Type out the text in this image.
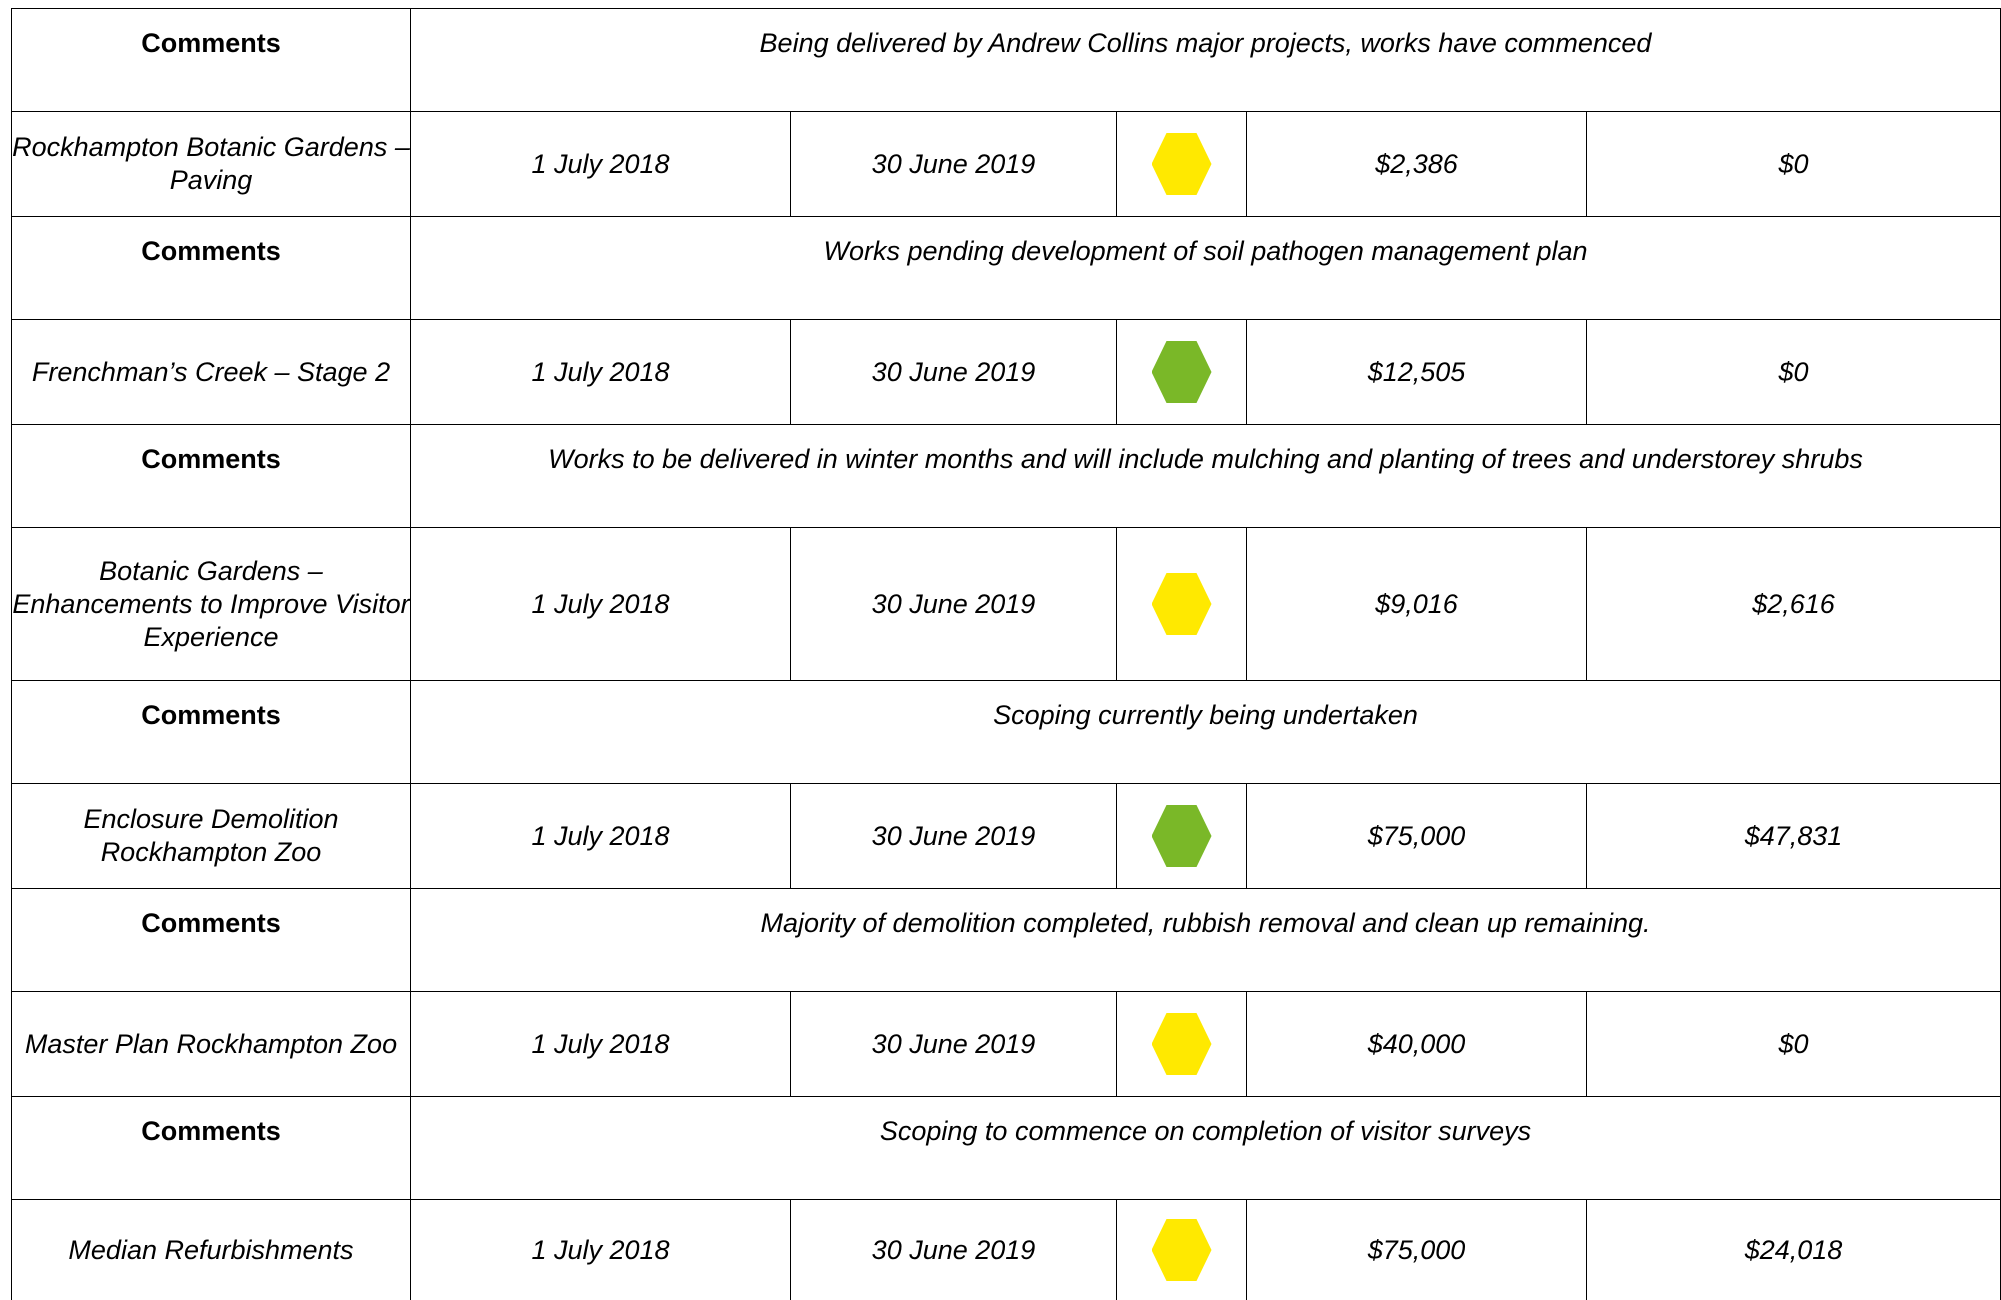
Comments	Being delivered by Andrew Collins major projects, works have commenced				
Rockhampton Botanic Gardens – Paving	1 July 2018	30 June 2019		$2,386	$0
Comments	Works pending development of soil pathogen management plan				
Frenchman’s Creek – Stage 2	1 July 2018	30 June 2019		$12,505	$0
Comments	Works to be delivered in winter months and will include mulching and planting of trees and understorey shrubs				
Botanic Gardens – Enhancements to Improve Visitor Experience	1 July 2018	30 June 2019		$9,016	$2,616
Comments	Scoping currently being undertaken				
Enclosure Demolition Rockhampton Zoo	1 July 2018	30 June 2019		$75,000	$47,831
Comments	Majority of demolition completed, rubbish removal and clean up remaining.				
Master Plan Rockhampton Zoo	1 July 2018	30 June 2019		$40,000	$0
Comments	Scoping to commence on completion of visitor surveys				
Median Refurbishments	1 July 2018	30 June 2019		$75,000	$24,018
